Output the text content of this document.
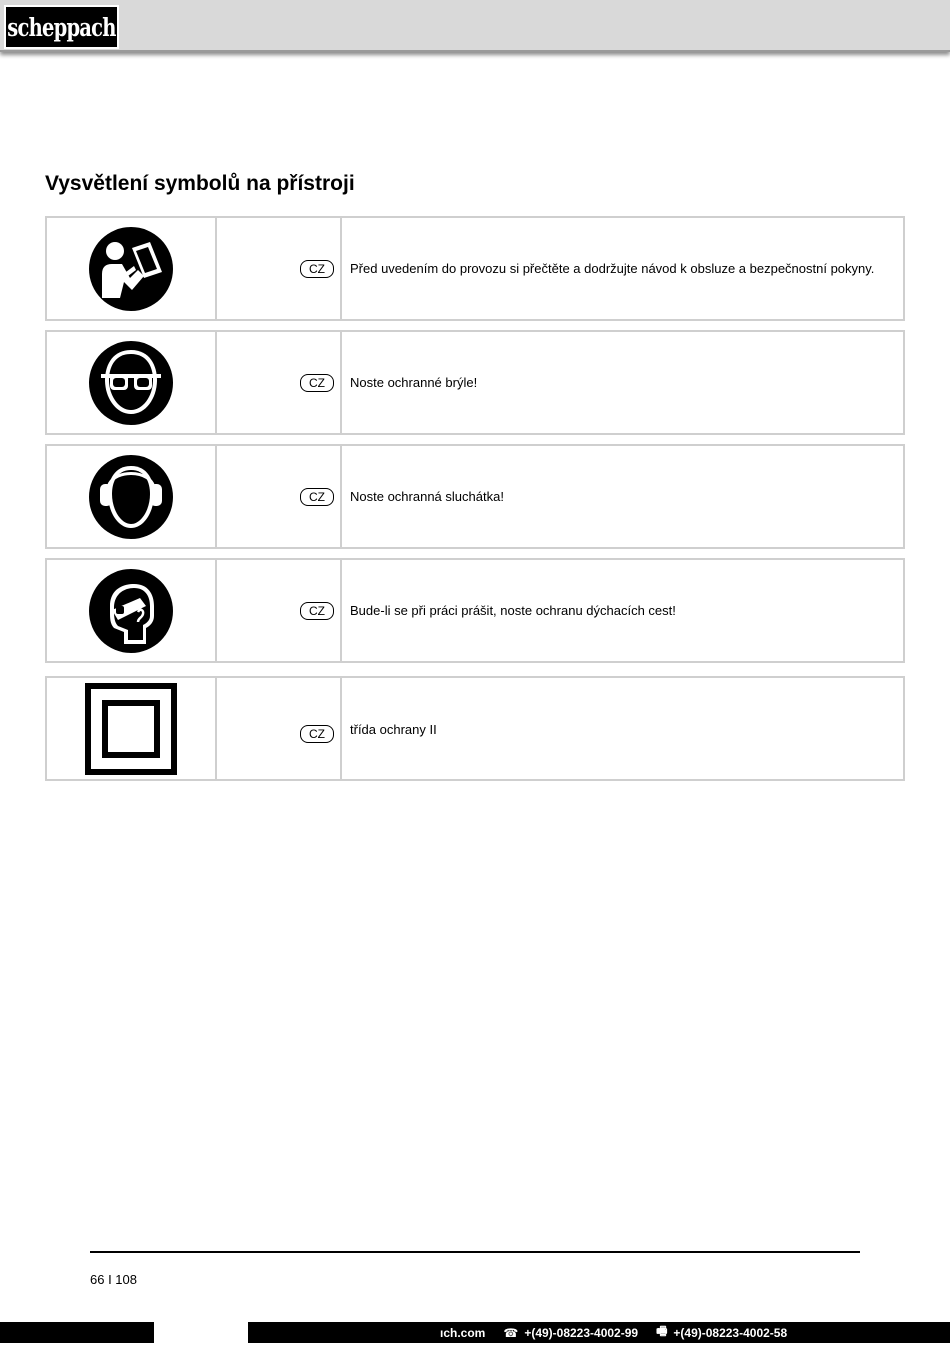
scheppach
Vysvětlení symbolů na přístroji
CZ	Před uvedením do provozu si přečtěte a dodržujte návod k obsluze a bezpečnostní pokyny.
CZ	Noste ochranné brýle!
CZ	Noste ochranná sluchátka!
CZ	Bude-li se při práci prášit, noste ochranu dýchacích cest!
CZ	třída ochrany II
66 I 108
ıch.com ☎ +(49)-08223-4002-99 🖷 +(49)-08223-4002-58
